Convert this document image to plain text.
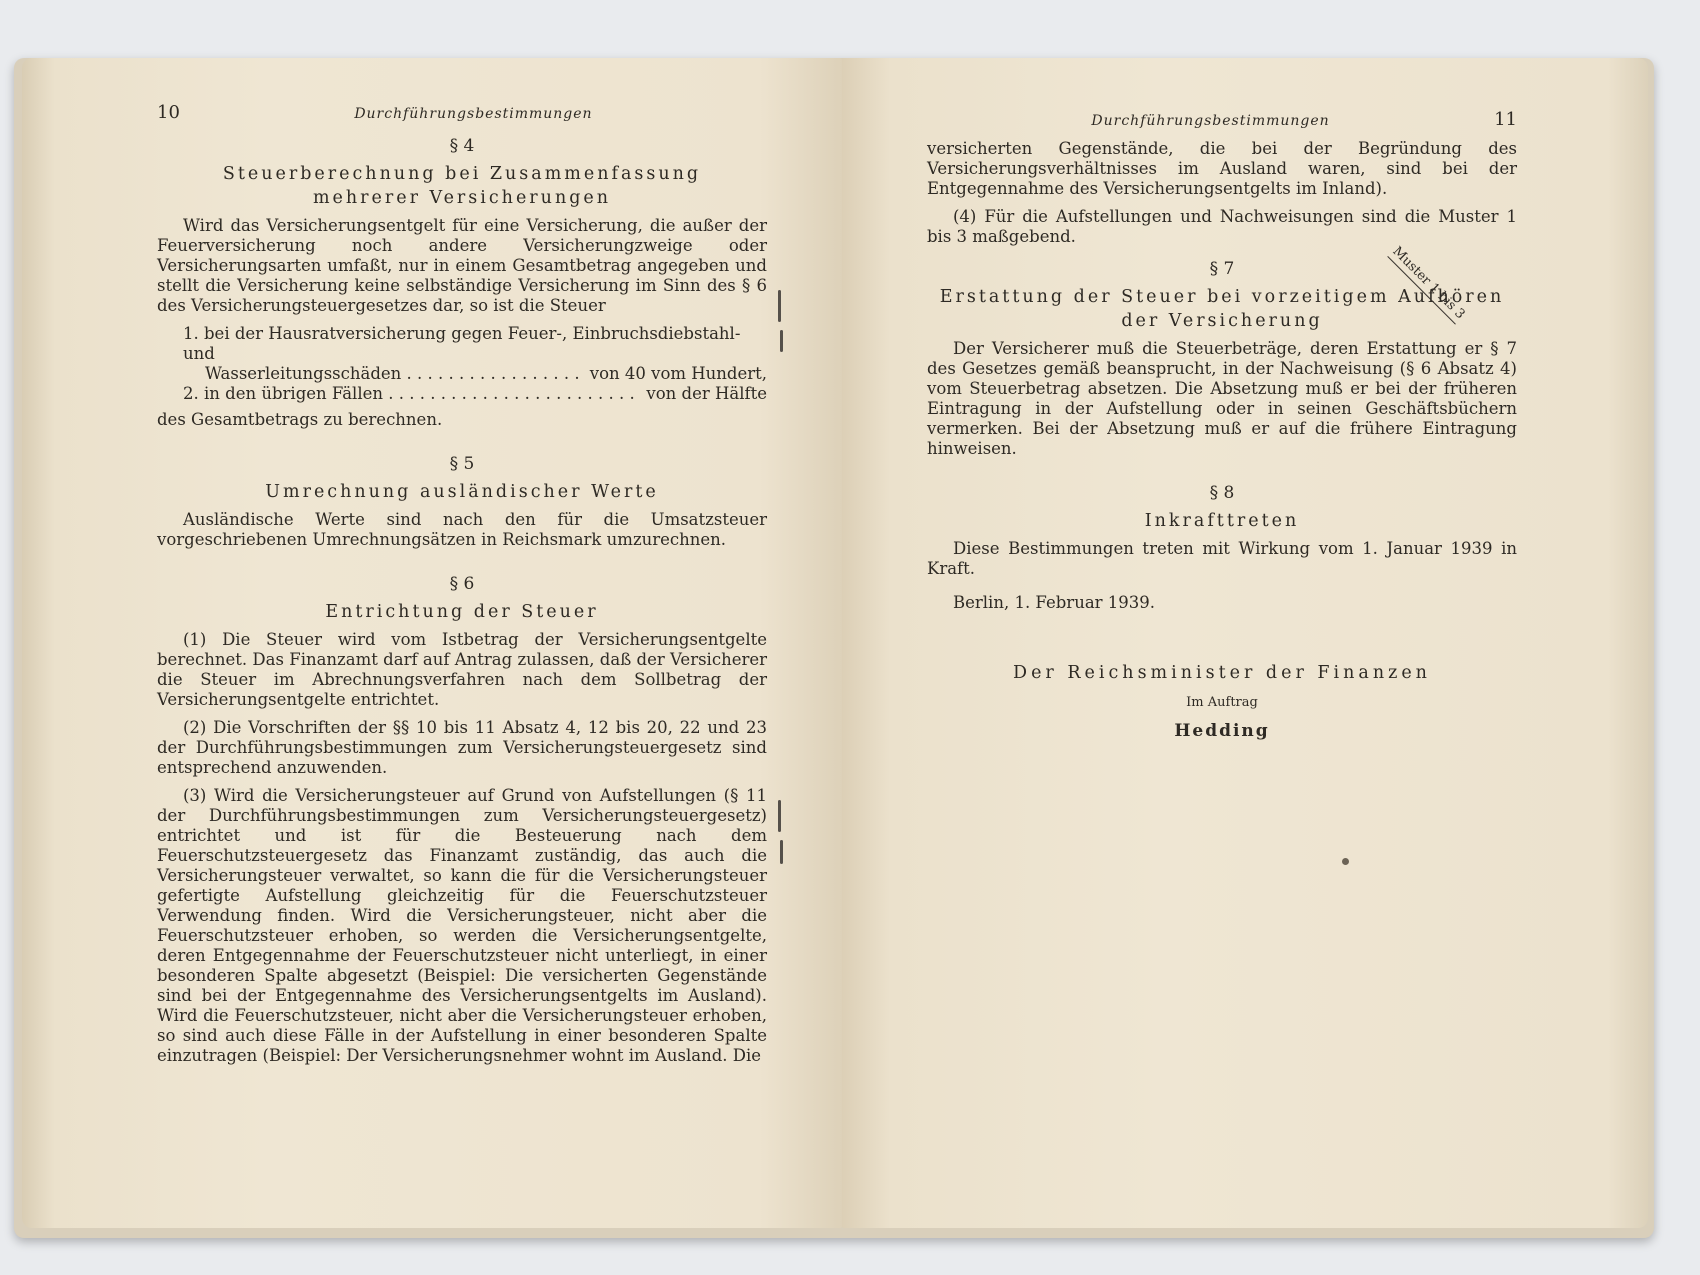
10	Durchführungsbestimmungen
§ 4
Steuerberechnung bei Zusammenfassung
mehrerer Versicherungen

Wird das Versicherungsentgelt für eine Versicherung, die außer der Feuerversicherung noch andere Versicherungzweige oder Versicherungsarten umfaßt, nur in einem Gesamtbetrag angegeben und stellt die Versicherung keine selbständige Versicherung im Sinn des § 6 des Versicherungsteuergesetzes dar, so ist die Steuer

1. bei der Hausratversicherung gegen Feuer-, Einbruchsdiebstahl- und
Wasserleitungsschäden . . .	von 40 vom Hundert,
2. in den übrigen Fällen . . .	von der Hälfte
des Gesamtbetrags zu berechnen.
§ 5
Umrechnung ausländischer Werte

Ausländische Werte sind nach den für die Umsatzsteuer vorgeschriebenen Umrechnungsätzen in Reichsmark umzurechnen.

§ 6
Entrichtung der Steuer

(1) Die Steuer wird vom Istbetrag der Versicherungsentgelte berechnet. Das Finanzamt darf auf Antrag zulassen, daß der Versicherer die Steuer im Abrechnungsverfahren nach dem Sollbetrag der Versicherungsentgelte entrichtet.

(2) Die Vorschriften der §§ 10 bis 11 Absatz 4, 12 bis 20, 22 und 23 der Durchführungsbestimmungen zum Versicherungsteuergesetz sind entsprechend anzuwenden.

(3) Wird die Versicherungsteuer auf Grund von Aufstellungen (§ 11 der Durchführungsbestimmungen zum Versicherungsteuergesetz) entrichtet und ist für die Besteuerung nach dem Feuerschutzsteuergesetz das Finanzamt zuständig, das auch die Versicherungsteuer verwaltet, so kann die für die Versicherungsteuer gefertigte Aufstellung gleichzeitig für die Feuerschutzsteuer Verwendung finden. Wird die Versicherungsteuer, nicht aber die Feuerschutzsteuer erhoben, so werden die Versicherungsentgelte, deren Entgegennahme der Feuerschutzsteuer nicht unterliegt, in einer besonderen Spalte abgesetzt (Beispiel: Die versicherten Gegenstände sind bei der Entgegennahme des Versicherungsentgelts im Ausland). Wird die Feuerschutzsteuer, nicht aber die Versicherungsteuer erhoben, so sind auch diese Fälle in der Aufstellung in einer besonderen Spalte einzutragen (Beispiel: Der Versicherungsnehmer wohnt im Ausland. Die

Durchführungsbestimmungen	11

versicherten Gegenstände, die bei der Begründung des Versicherungsverhältnisses im Ausland waren, sind bei der Entgegennahme des Versicherungsentgelts im Inland).

(4) Für die Aufstellungen und Nachweisungen sind die Muster 1 bis 3 maßgebend.

§ 7
Erstattung der Steuer bei vorzeitigem Aufhören
der Versicherung

Der Versicherer muß die Steuerbeträge, deren Erstattung er § 7 des Gesetzes gemäß beansprucht, in der Nachweisung (§ 6 Absatz 4) vom Steuerbetrag absetzen. Die Absetzung muß er bei der früheren Eintragung in der Aufstellung oder in seinen Geschäftsbüchern vermerken. Bei der Absetzung muß er auf die frühere Eintragung hinweisen.

§ 8
Inkrafttreten

Diese Bestimmungen treten mit Wirkung vom 1. Januar 1939 in Kraft.

Berlin, 1. Februar 1939.

Der Reichsminister der Finanzen
Im Auftrag
Hedding
Muster 1 bis 3
